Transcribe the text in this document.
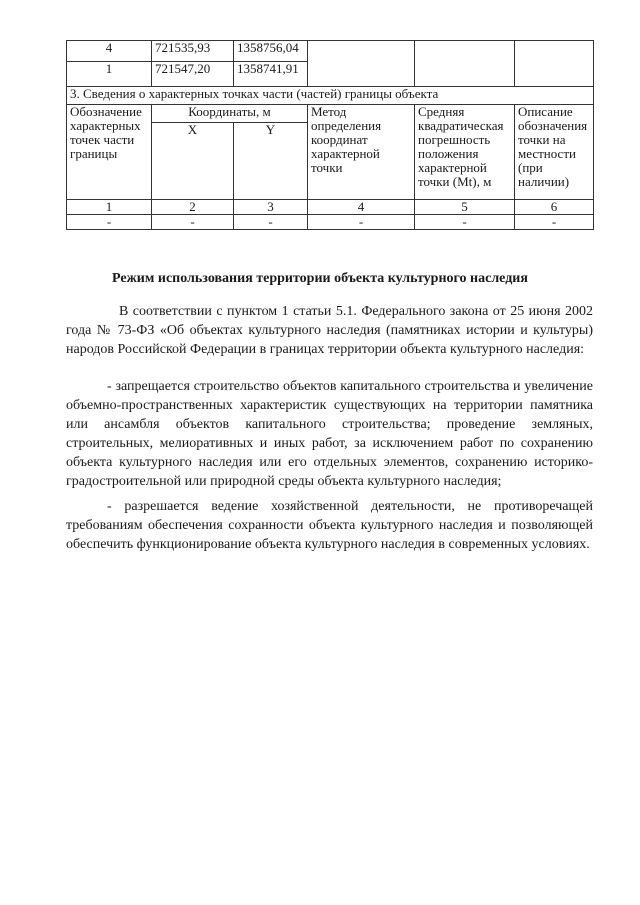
4	721535,93	1358756,04			
1	721547,20	1358741,91			
3. Сведения о характерных точках части (частей) границы объекта					
Обозначение характерных точек части границы	Координаты, м		Метод определения координат характерной точки	Средняя квадратическая погрешность положения характерной точки (Mt), м	Описание обозначения точки на местности (при наличии)
	X	Y			
1	2	3	4	5	6
-	-	-	-	-	-
Режим использования территории объекта культурного наследия
В соответствии с пунктом 1 статьи 5.1. Федерального закона от 25 июня 2002 года № 73-ФЗ «Об объектах культурного наследия (памятниках истории и культуры) народов Российской Федерации в границах территории объекта культурного наследия:
- запрещается строительство объектов капитального строительства и увеличение объемно-пространственных характеристик существующих на территории памятника или ансамбля объектов капитального строительства; проведение земляных, строительных, мелиоративных и иных работ, за исключением работ по сохранению объекта культурного наследия или его отдельных элементов, сохранению историко-градостроительной или природной среды объекта культурного наследия;
- разрешается ведение хозяйственной деятельности, не противоречащей требованиям обеспечения сохранности объекта культурного наследия и позволяющей обеспечить функционирование объекта культурного наследия в современных условиях.
